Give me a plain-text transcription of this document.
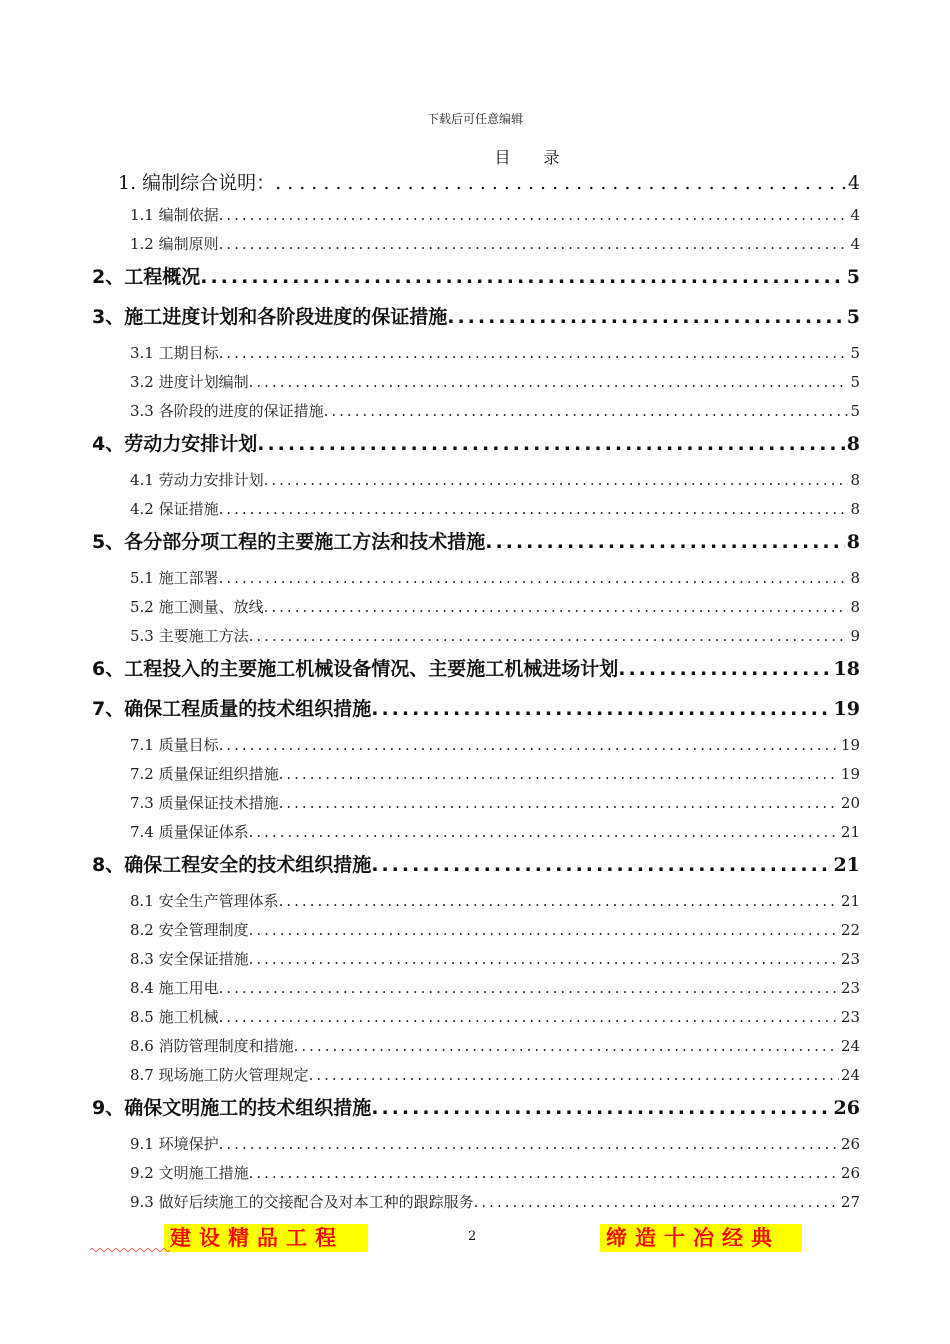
下载后可任意编辑
目 录
1. 编制综合说明： .....	4
1.1 编制依据 .....	4
1.2 编制原则 .....	4
2、工程概况 .....	5
3、施工进度计划和各阶段进度的保证措施 .....	5
3.1 工期目标 .....	5
3.2 进度计划编制 .....	5
3.3 各阶段的进度的保证措施 .....	5
4、劳动力安排计划 .....	8
4.1 劳动力安排计划 .....	8
4.2 保证措施 .....	8
5、各分部分项工程的主要施工方法和技术措施 .....	8
5.1 施工部署 .....	8
5.2 施工测量、放线 .....	8
5.3 主要施工方法 .....	9
6、工程投入的主要施工机械设备情况、主要施工机械进场计划 .....	18
7、确保工程质量的技术组织措施 .....	19
7.1 质量目标 .....	19
7.2 质量保证组织措施 .....	19
7.3 质量保证技术措施 .....	20
7.4 质量保证体系 .....	21
8、确保工程安全的技术组织措施 .....	21
8.1 安全生产管理体系 .....	21
8.2 安全管理制度 .....	22
8.3 安全保证措施 .....	23
8.4 施工用电 .....	23
8.5 施工机械 .....	23
8.6 消防管理制度和措施 .....	24
8.7 现场施工防火管理规定 .....	24
9、确保文明施工的技术组织措施 .....	26
9.1 环境保护 .....	26
9.2 文明施工措施 .....	26
9.3 做好后续施工的交接配合及对本工种的跟踪服务 .....	27
建设精品工程	2	缔造十冶经典
